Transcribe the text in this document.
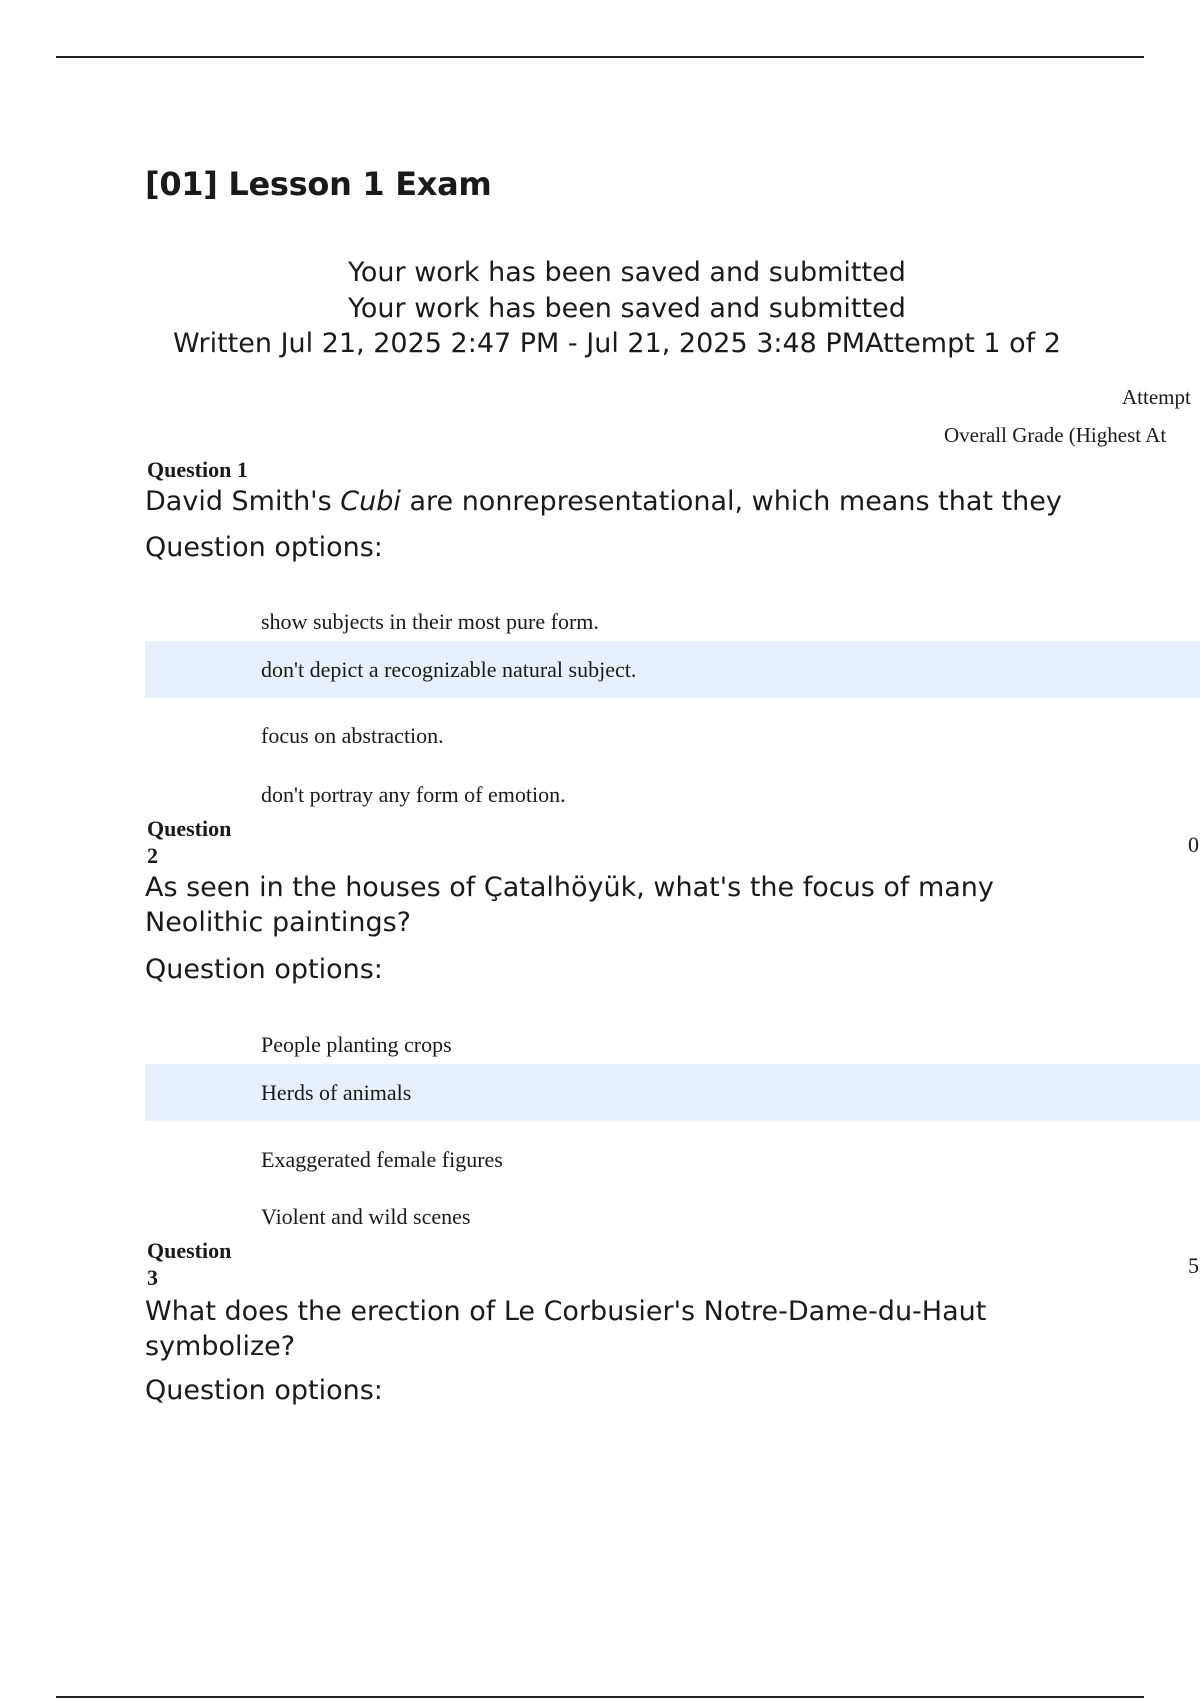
[01] Lesson 1 Exam
Your work has been saved and submitted
Your work has been saved and submitted
Written Jul 21, 2025 2:47 PM - Jul 21, 2025 3:48 PMAttempt 1 of 2
Attempt
Overall Grade (Highest At
Question 1
David Smith's Cubi are nonrepresentational, which means that they
Question options:
show subjects in their most pure form.
don't depict a recognizable natural subject.
focus on abstraction.
don't portray any form of emotion.
Question 2	0
As seen in the houses of Çatalhöyük, what's the focus of many Neolithic paintings?
Question options:
People planting crops
Herds of animals
Exaggerated female figures
Violent and wild scenes
Question 3	5
What does the erection of Le Corbusier's Notre-Dame-du-Haut symbolize?
Question options:
